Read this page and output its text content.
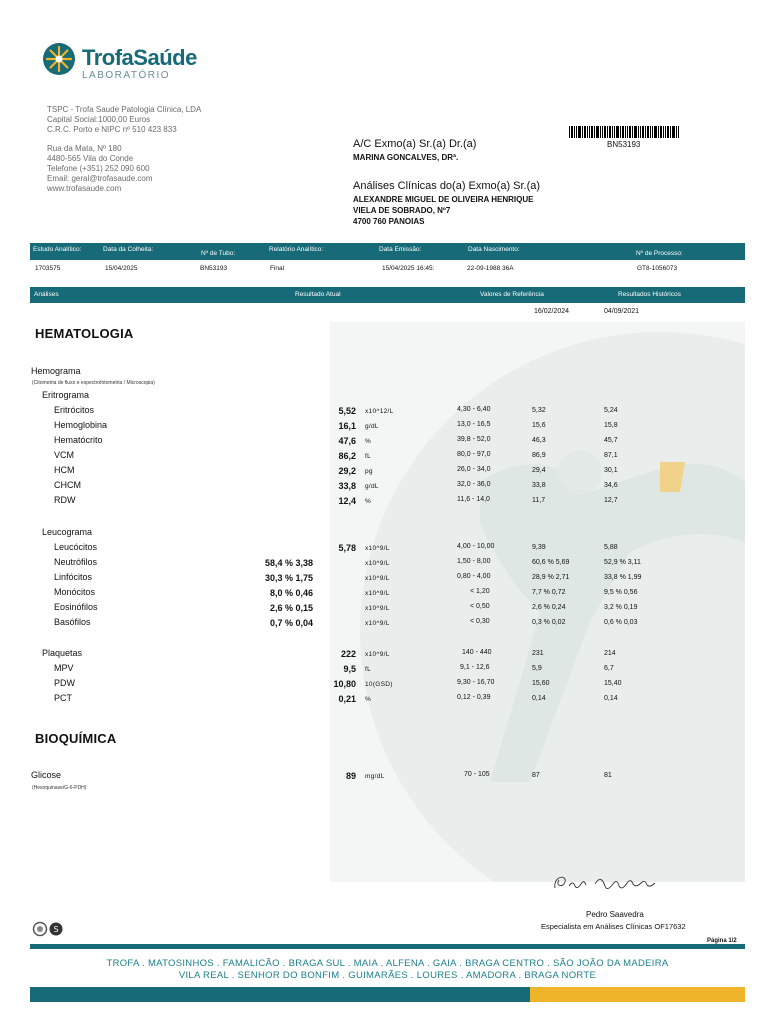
TrofaSaúde
LABORATÓRIO
TSPC - Trofa Saude Patologia Clínica, LDA
Capital Social:1000,00 Euros
C.R.C. Porto e NIPC nº 510 423 833
Rua da Mata, Nº 180
4480-565 Vila do Conde
Telefone (+351) 252 090 600
Email: geral@trofasaude.com
www.trofasaude.com
A/C Exmo(a) Sr.(a) Dr.(a)
MARINA GONCALVES, DRª.
Análises Clínicas do(a) Exmo(a) Sr.(a)
ALEXANDRE MIGUEL DE OLIVEIRA HENRIQUE
VIELA DE SOBRADO, Nº7
4700 760 PANOIAS
BN53193
Estudo Analítico:	Data da Colheita:
Nº de Tubo:
Relatório Analítico:	Data Emissão:	Data Nascimento:
Nº de Processo:
1703575	15/04/2025	BN53193	Final	15/04/2025 16:45:	22-09-1988 36A	GT8-1056073
Análises	Resultado Atual	Valores de Referência	Resultados Históricos
16/02/2024	04/09/2021
HEMATOLOGIA
Hemograma
(Citometria de fluxo e espectrofotometria / Microscopia)
Eritrograma
Eritrócitos	5,52 x10^12/L	4,30 - 6,40	5,32	5,24
Hemoglobina	16,1 g/dL	13,0 - 16,5	15,6	15,8
Hematócrito	47,6 %	39,8 - 52,0	46,3	45,7
VCM	86,2 fL	80,0 - 97,0	86,9	87,1
HCM	29,2 pg	26,0 - 34,0	29,4	30,1
CHCM	33,8 g/dL	32,0 - 36,0	33,8	34,6
RDW	12,4 %	11,6 - 14,0	11,7	12,7
Leucograma
Leucócitos	5,78 x10^9/L	4,00 - 10,00	9,39	5,88
Neutrófilos	58,4 % 3,38	x10^9/L	1,50 - 8,00	60,6 % 5,69	52,9 % 3,11
Linfócitos	30,3 % 1,75	x10^9/L	0,80 - 4,00	28,9 % 2,71	33,8 % 1,99
Monócitos	8,0 % 0,46	x10^9/L	< 1,20	7,7 % 0,72	9,5 % 0,56
Eosinófilos	2,6 % 0,15	x10^9/L	< 0,50	2,6 % 0,24	3,2 % 0,19
Basófilos	0,7 % 0,04	x10^9/L	< 0,30	0,3 % 0,02	0,6 % 0,03
Plaquetas	222 x10^9/L	140 - 440	231	214
MPV	9,5 fL	9,1 - 12,6	5,9	6,7
PDW	10,80 10(GSD)	9,30 - 16,70	15,60	15,40
PCT	0,21 %	0,12 - 0,39	0,14	0,14
BIOQUÍMICA
Glicose	89 mg/dL	70 - 105	87	81
(Hexoquinase/G-6-PDH)
Pedro Saavedra
Especialista em Análises Clínicas OF17632
S
Página 1/2
TROFA . MATOSINHOS . FAMALICÃO . BRAGA SUL . MAIA . ALFENA . GAIA . BRAGA CENTRO . SÃO JOÃO DA MADEIRA
VILA REAL . SENHOR DO BONFIM . GUIMARÃES . LOURES . AMADORA . BRAGA NORTE
